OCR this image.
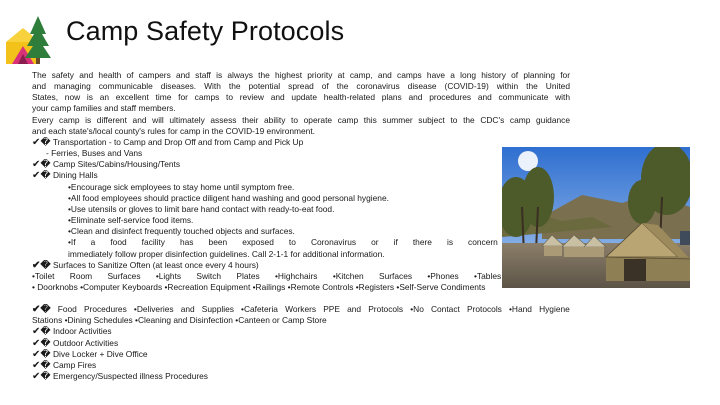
Camp Safety Protocols
The safety and health of campers and staff is always the highest priority at camp, and camps have a long history of planning for
and managing communicable diseases. With the potential spread of the coronavirus disease (COVID-19) within the United
States, now is an excellent time for camps to review and update health-related plans and procedures and communicate with
your camp families and staff members.
Every camp is different and will ultimately assess their ability to operate camp this summer subject to the CDC's camp guidance
and each state's/local county's rules for camp in the COVID-19 environment.
✔� Transportation - to Camp and Drop Off and from Camp and Pick Up
- Ferries, Buses and Vans
✔� Camp Sites/Cabins/Housing/Tents
✔� Dining Halls
•Encourage sick employees to stay home until symptom free.
•All food employees should practice diligent hand washing and good personal hygiene.
•Use utensils or gloves to limit bare hand contact with ready-to-eat food.
•Eliminate self-service food items.
•Clean and disinfect frequently touched objects and surfaces.
•If a food facility has been exposed to Coronavirus or if there is concern
immediately follow proper disinfection guidelines. Call 2-1-1 for additional information.
✔� Surfaces to Sanitize Often (at least once every 4 hours)
•Toilet Room Surfaces •Lights Switch Plates •Highchairs •Kitchen Surfaces •Phones •Tables
• Doorknobs •Computer Keyboards •Recreation Equipment •Railings •Remote Controls •Registers •Self-Serve Condiments
✔� Food Procedures •Deliveries and Supplies •Cafeteria Workers PPE and Protocols •No Contact Protocols •Hand Hygiene
Stations •Dining Schedules •Cleaning and Disinfection •Canteen or Camp Store
✔� Indoor Activities
✔� Outdoor Activities
✔� Dive Locker + Dive Office
✔� Camp Fires
✔� Emergency/Suspected illness Procedures
